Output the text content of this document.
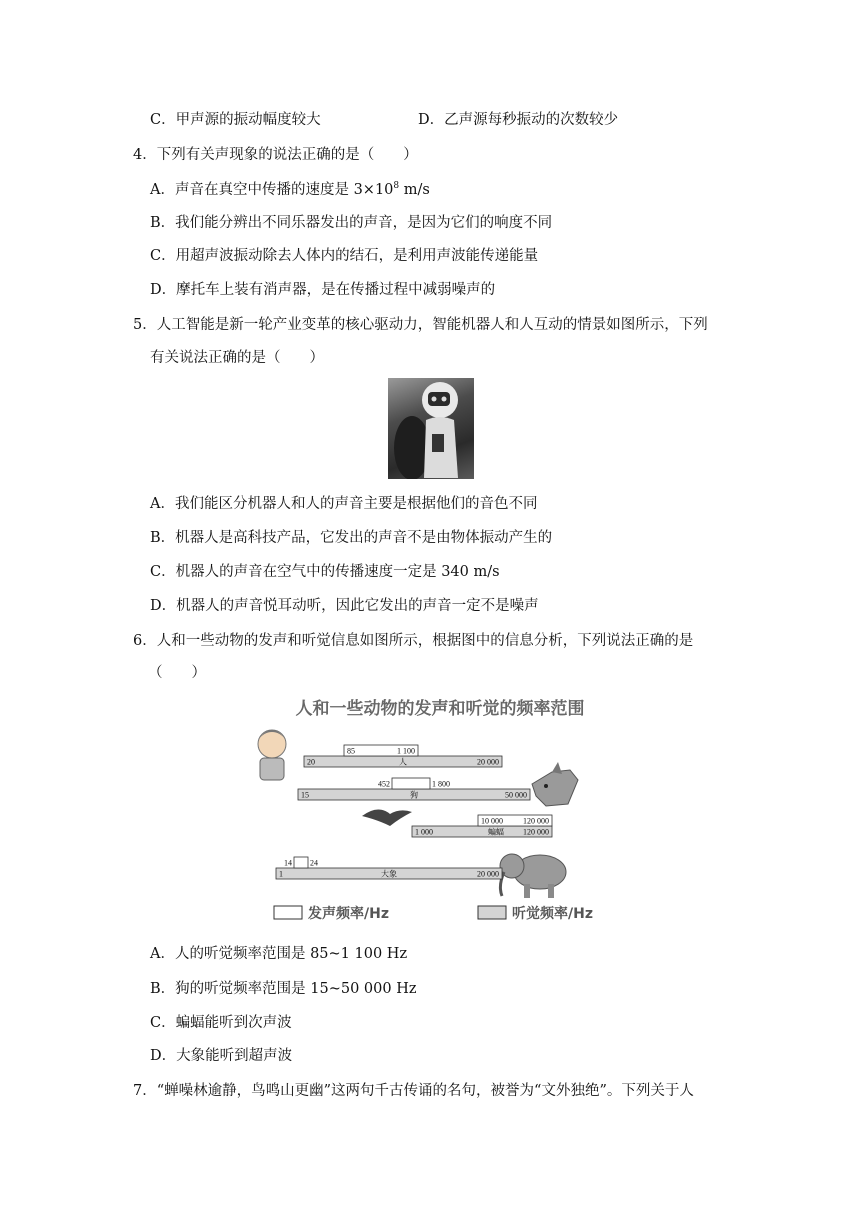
C．甲声源的振动幅度较大	D．乙声源每秒振动的次数较少
4．下列有关声现象的说法正确的是（　　）
A．声音在真空中传播的速度是 $3\times 10^8$ m/s
B．我们能分辨出不同乐器发出的声音，是因为它们的响度不同
C．用超声波振动除去人体内的结石，是利用声波能传递能量
D．摩托车上装有消声器，是在传播过程中减弱噪声的
5．人工智能是新一轮产业变革的核心驱动力，智能机器人和人互动的情景如图所示，下列
有关说法正确的是（　　）
A．我们能区分机器人和人的声音主要是根据他们的音色不同
B．机器人是高科技产品，它发出的声音不是由物体振动产生的
C．机器人的声音在空气中的传播速度一定是 340 m/s
D．机器人的声音悦耳动听，因此它发出的声音一定不是噪声
6．人和一些动物的发声和听觉信息如图所示，根据图中的信息分析，下列说法正确的是
（　　）
人和一些动物的发声和听觉的频率范围
20	20 000
人
85	1 100
15	50 000
狗
452	1 800
1 000	120 000
蝙蝠
10 000	120 000
1	20 000
大象
14 24
发声频率/Hz	听觉频率/Hz
A．人的听觉频率范围是 85~1 100 Hz
B．狗的听觉频率范围是 15~50 000 Hz
C．蝙蝠能听到次声波
D．大象能听到超声波
7．“蝉噪林逾静，鸟鸣山更幽”这两句千古传诵的名句，被誉为“文外独绝”。下列关于人
